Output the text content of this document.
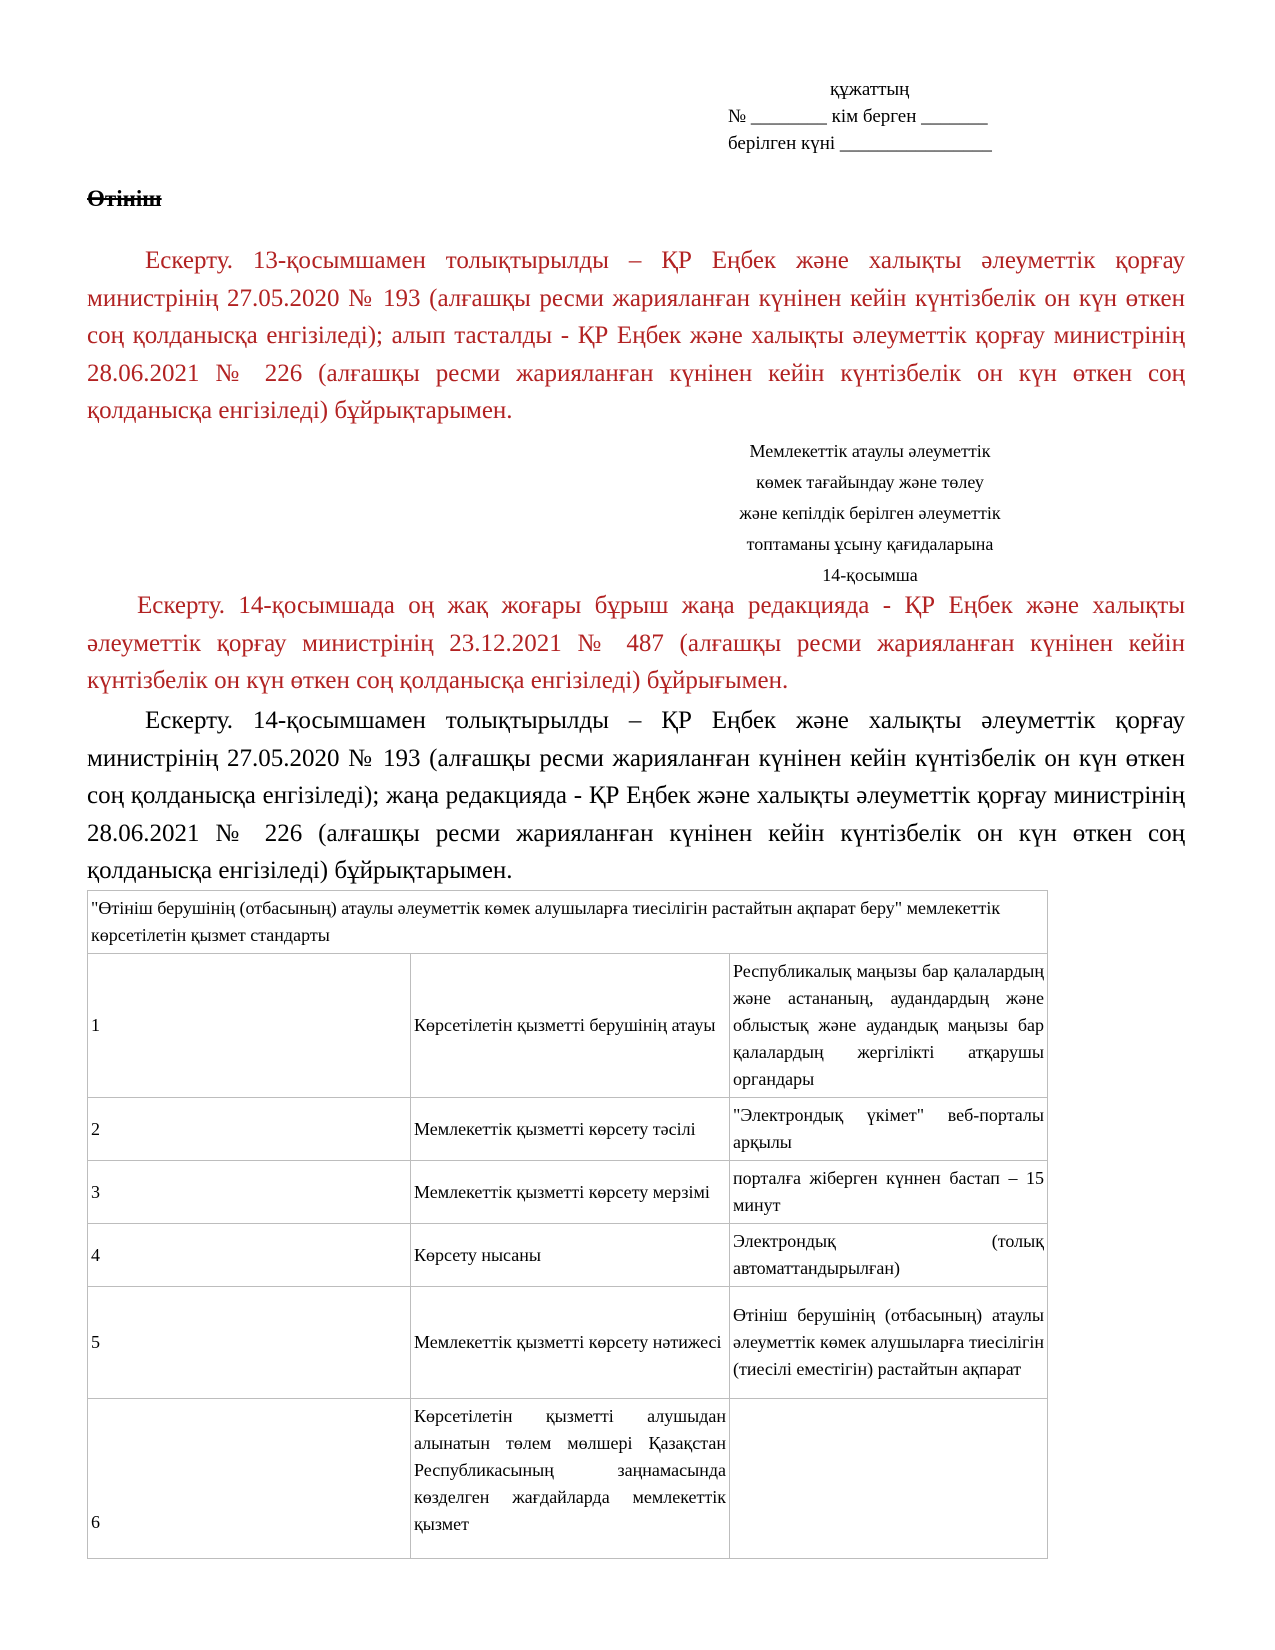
құжаттың
№ ________ кім берген _______
берілген күні ________________
Өтініш
Ескерту. 13-қосымшамен толықтырылды – ҚР Еңбек және халықты әлеуметтік қорғау министрінің 27.05.2020 № 193 (алғашқы ресми жарияланған күнінен кейін күнтізбелік он күн өткен соң қолданысқа енгізіледі); алып тасталды - ҚР Еңбек және халықты әлеуметтік қорғау министрінің 28.06.2021 № 226 (алғашқы ресми жарияланған күнінен кейін күнтізбелік он күн өткен соң қолданысқа енгізіледі) бұйрықтарымен.
Мемлекеттік атаулы әлеуметтік
көмек тағайындау және төлеу
және кепілдік берілген әлеуметтік
топтаманы ұсыну қағидаларына
14-қосымша
Ескерту. 14-қосымшада оң жақ жоғары бұрыш жаңа редакцияда - ҚР Еңбек және халықты әлеуметтік қорғау министрінің 23.12.2021 № 487 (алғашқы ресми жарияланған күнінен кейін күнтізбелік он күн өткен соң қолданысқа енгізіледі) бұйрығымен.
Ескерту. 14-қосымшамен толықтырылды – ҚР Еңбек және халықты әлеуметтік қорғау министрінің 27.05.2020 № 193 (алғашқы ресми жарияланған күнінен кейін күнтізбелік он күн өткен соң қолданысқа енгізіледі); жаңа редакцияда - ҚР Еңбек және халықты әлеуметтік қорғау министрінің 28.06.2021 № 226 (алғашқы ресми жарияланған күнінен кейін күнтізбелік он күн өткен соң қолданысқа енгізіледі) бұйрықтарымен.
"Өтініш берушінің (отбасының) атаулы әлеуметтік көмек алушыларға тиесілігін растайтын ақпарат беру" мемлекеттік көрсетілетін қызмет стандарты		
1	Көрсетілетін қызметті берушінің атауы	Республикалық маңызы бар қалалардың және астананың, аудандардың және облыстық және аудандық маңызы бар қалалардың жергілікті атқарушы органдары
2	Мемлекеттік қызметті көрсету тәсілі	"Электрондық үкімет" веб-порталы арқылы
3	Мемлекеттік қызметті көрсету мерзімі	порталға жіберген күннен бастап – 15 минут
4	Көрсету нысаны	Электрондық (толық автоматтандырылған)
5	Мемлекеттік қызметті көрсету нәтижесі	Өтініш берушінің (отбасының) атаулы әлеуметтік көмек алушыларға тиесілігін (тиесілі еместігін) растайтын ақпарат
6	Көрсетілетін қызметті алушыдан алынатын төлем мөлшері Қазақстан Республикасының заңнамасында көзделген жағдайларда мемлекеттік қызмет	
